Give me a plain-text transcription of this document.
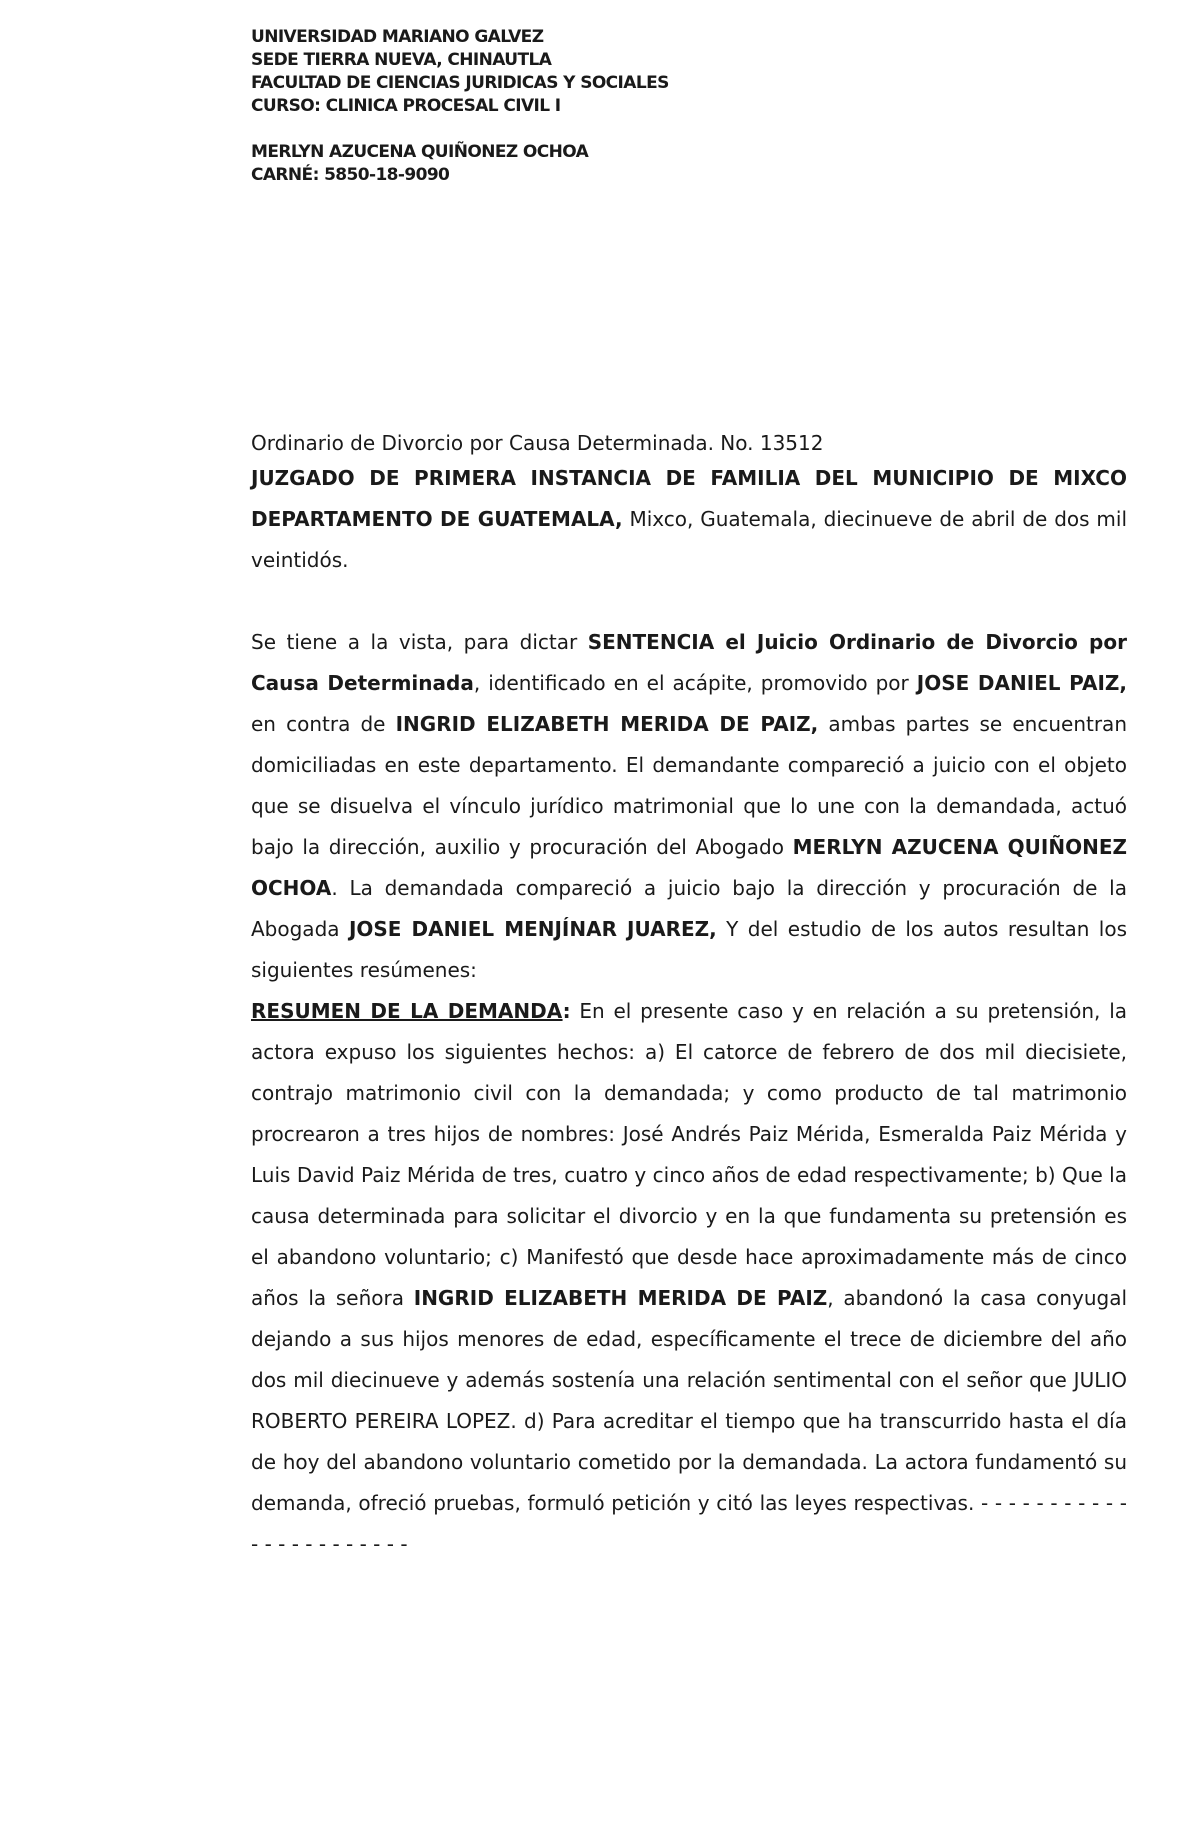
UNIVERSIDAD MARIANO GALVEZ
SEDE TIERRA NUEVA, CHINAUTLA
FACULTAD DE CIENCIAS JURIDICAS Y SOCIALES
CURSO: CLINICA PROCESAL CIVIL I
MERLYN AZUCENA QUIÑONEZ OCHOA
CARNÉ: 5850-18-9090

Ordinario de Divorcio por Causa Determinada. No. 13512

JUZGADO DE PRIMERA INSTANCIA DE FAMILIA DEL MUNICIPIO DE MIXCO DEPARTAMENTO DE GUATEMALA, Mixco, Guatemala, diecinueve de abril de dos mil veintidós.

Se tiene a la vista, para dictar SENTENCIA el Juicio Ordinario de Divorcio por Causa Determinada, identificado en el acápite, promovido por JOSE DANIEL PAIZ, en contra de INGRID ELIZABETH MERIDA DE PAIZ, ambas partes se encuentran domiciliadas en este departamento. El demandante compareció a juicio con el objeto que se disuelva el vínculo jurídico matrimonial que lo une con la demandada, actuó bajo la dirección, auxilio y procuración del Abogado MERLYN AZUCENA QUIÑONEZ OCHOA. La demandada compareció a juicio bajo la dirección y procuración de la Abogada JOSE DANIEL MENJÍNAR JUAREZ, Y del estudio de los autos resultan los siguientes resúmenes:

RESUMEN DE LA DEMANDA: En el presente caso y en relación a su pretensión, la actora expuso los siguientes hechos: a) El catorce de febrero de dos mil diecisiete, contrajo matrimonio civil con la demandada; y como producto de tal matrimonio procrearon a tres hijos de nombres: José Andrés Paiz Mérida, Esmeralda Paiz Mérida y Luis David Paiz Mérida de tres, cuatro y cinco años de edad respectivamente; b) Que la causa determinada para solicitar el divorcio y en la que fundamenta su pretensión es el abandono voluntario; c) Manifestó que desde hace aproximadamente más de cinco años la señora INGRID ELIZABETH MERIDA DE PAIZ, abandonó la casa conyugal dejando a sus hijos menores de edad, específicamente el trece de diciembre del año dos mil diecinueve y además sostenía una relación sentimental con el señor que JULIO ROBERTO PEREIRA LOPEZ. d) Para acreditar el tiempo que ha transcurrido hasta el día de hoy del abandono voluntario cometido por la demandada. La actora fundamentó su demanda, ofreció pruebas, formuló petición y citó las leyes respectivas. - - - - - - - - - - - - - - - - - - - - - - -
